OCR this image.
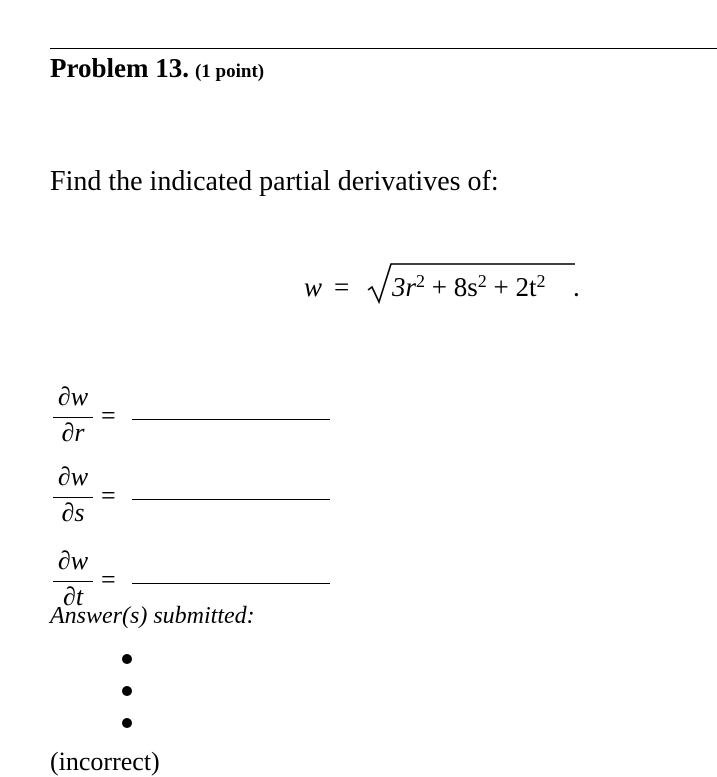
Problem 13. (1 point)
Find the indicated partial derivatives of:
$w = 3r^2 + 8s^2 + 2t^2$ .
∂w
∂r
=
∂w
∂s
=
∂w
∂t
=
Answer(s) submitted:
(incorrect)
